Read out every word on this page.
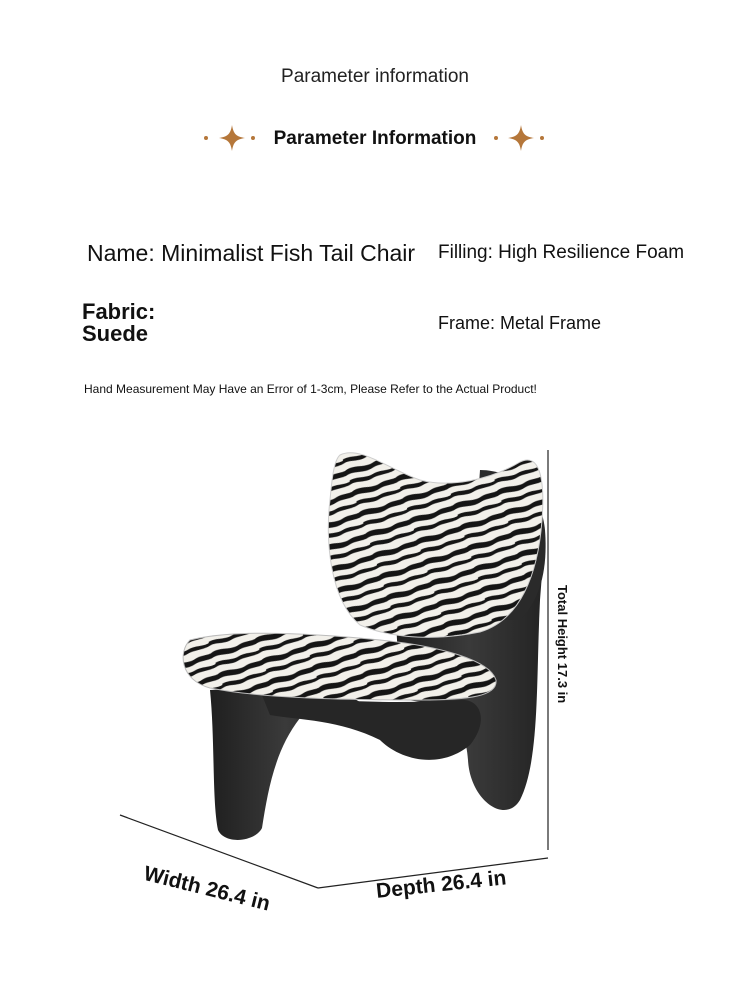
Parameter information
Parameter Information
Name: Minimalist Fish Tail Chair Filling: High Resilience Foam
Fabric:
Suede	Frame: Metal Frame
Hand Measurement May Have an Error of 1-3cm, Please Refer to the Actual Product!
Width 26.4 in	Depth 26.4 in
Total Height 17.3 in
